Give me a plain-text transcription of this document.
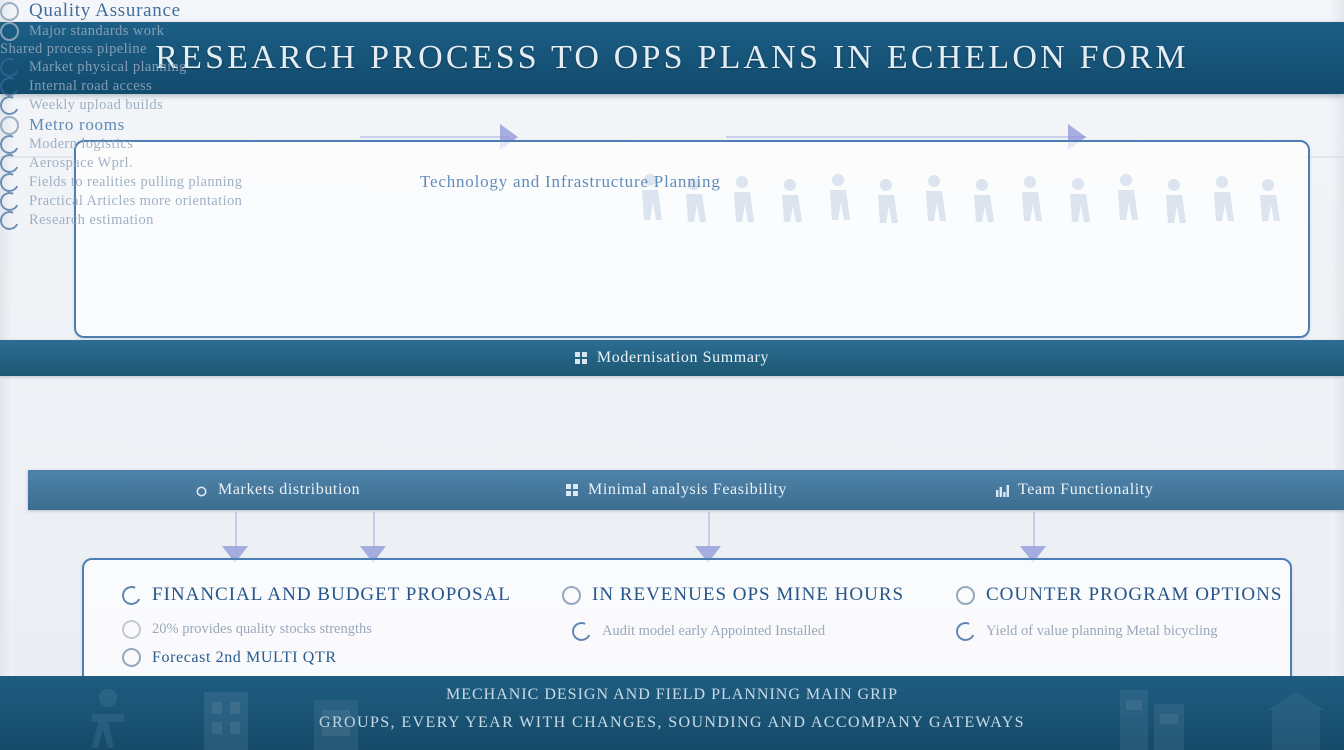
RESEARCH PROCESS TO OPS PLANS IN ECHELON FORM
Technology and Infrastructure Planning
Quality Assurance
Major standards work
Shared process pipeline
Market physical planning
Internal road access
Weekly upload builds
Metro rooms
Modern logistics
Aerospace Wprl.
Fields to realities pulling planning
Practical Articles more orientation
Research estimation
Modernisation Summary
Markets distribution	Minimal analysis Feasibility	Team Functionality
FINANCIAL AND BUDGET PROPOSAL
20% provides quality stocks strengths
Forecast 2nd MULTI QTR
IN REVENUES OPS MINE HOURS
Audit model early Appointed Installed
COUNTER PROGRAM OPTIONS
Yield of value planning Metal bicycling
MECHANIC DESIGN AND FIELD PLANNING MAIN GRIP
GROUPS, EVERY YEAR WITH CHANGES, SOUNDING AND ACCOMPANY GATEWAYS
